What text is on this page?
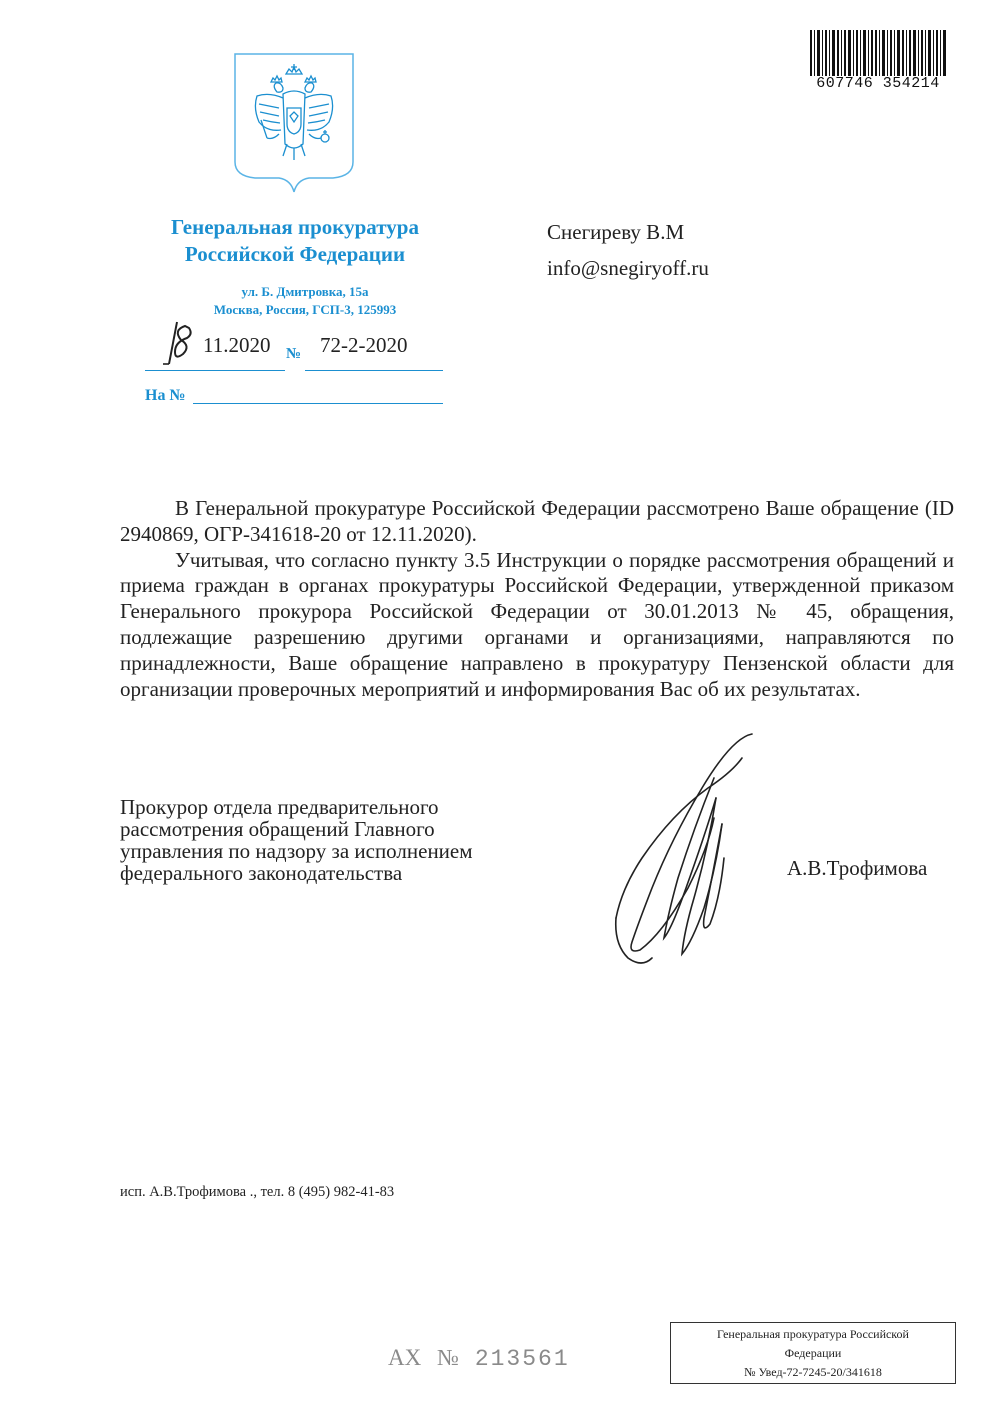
607746 354214
Генеральная прокуратура
Российской Федерации
ул. Б. Дмитровка, 15а
Москва, Россия, ГСП-3, 125993
11.2020 № 72-2-2020
На №
Снегиреву В.М
info@snegiryoff.ru

В Генеральной прокуратуре Российской Федерации рассмотрено Ваше обращение (ID 2940869, ОГР-341618-20 от 12.11.2020).

Учитывая, что согласно пункту 3.5 Инструкции о порядке рассмотрения обращений и приема граждан в органах прокуратуры Российской Федерации, утвержденной приказом Генерального прокурора Российской Федерации от 30.01.2013 № 45, обращения, подлежащие разрешению другими органами и организациями, направляются по принадлежности, Ваше обращение направлено в прокуратуру Пензенской области для организации проверочных мероприятий и информирования Вас об их результатах.

Прокурор отдела предварительного
рассмотрения обращений Главного
управления по надзору за исполнением
федерального законодательства	А.В.Трофимова
исп. А.В.Трофимова ., тел. 8 (495) 982-41-83
АХ № 213561
Генеральная прокуратура Российской
Федерации
№ Увед-72-7245-20/341618
